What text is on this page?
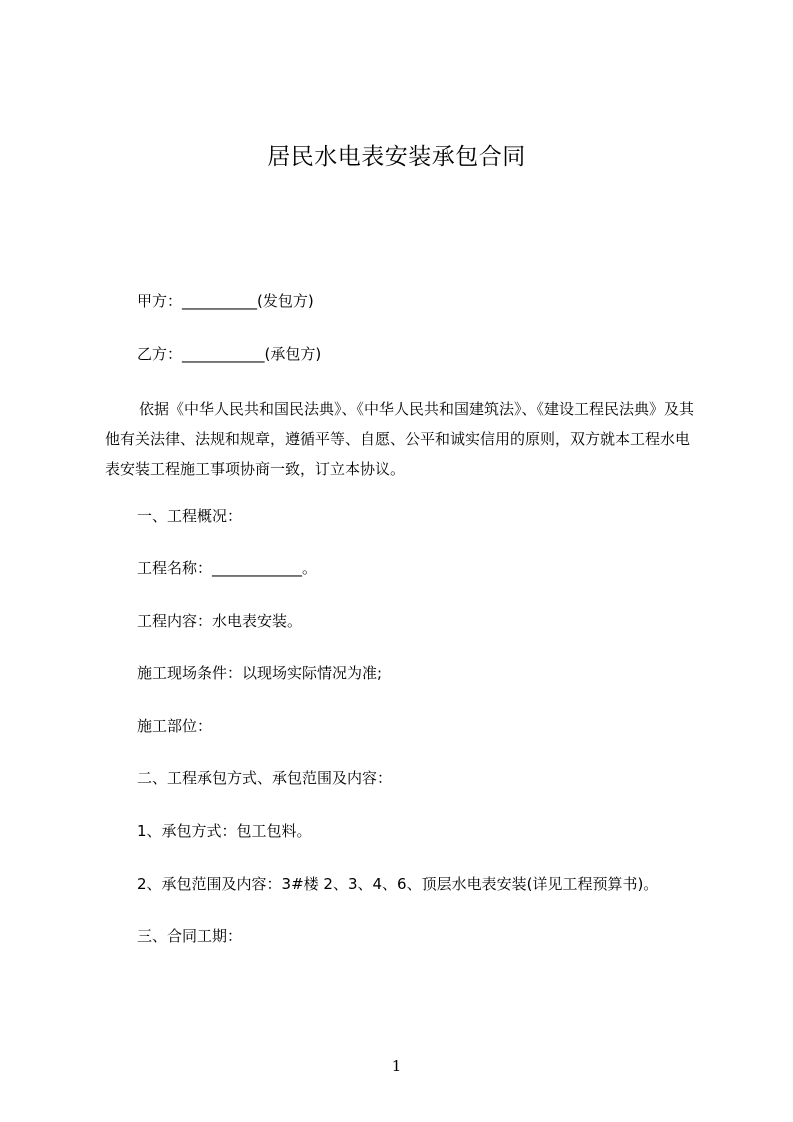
居民水电表安装承包合同
甲方：__________(发包方)
乙方：___________(承包方)
依据《中华人民共和国民法典》、《中华人民共和国建筑法》、《建设工程民法典》及其他有关法律、法规和规章，遵循平等、自愿、公平和诚实信用的原则，双方就本工程水电表安装工程施工事项协商一致，订立本协议。
一、工程概况：
工程名称：____________。
工程内容：水电表安装。
施工现场条件：以现场实际情况为准;
施工部位：
二、工程承包方式、承包范围及内容：
1、承包方式：包工包料。
2、承包范围及内容：3#楼 2、3、4、6、顶层水电表安装(详见工程预算书)。
三、合同工期：
1
